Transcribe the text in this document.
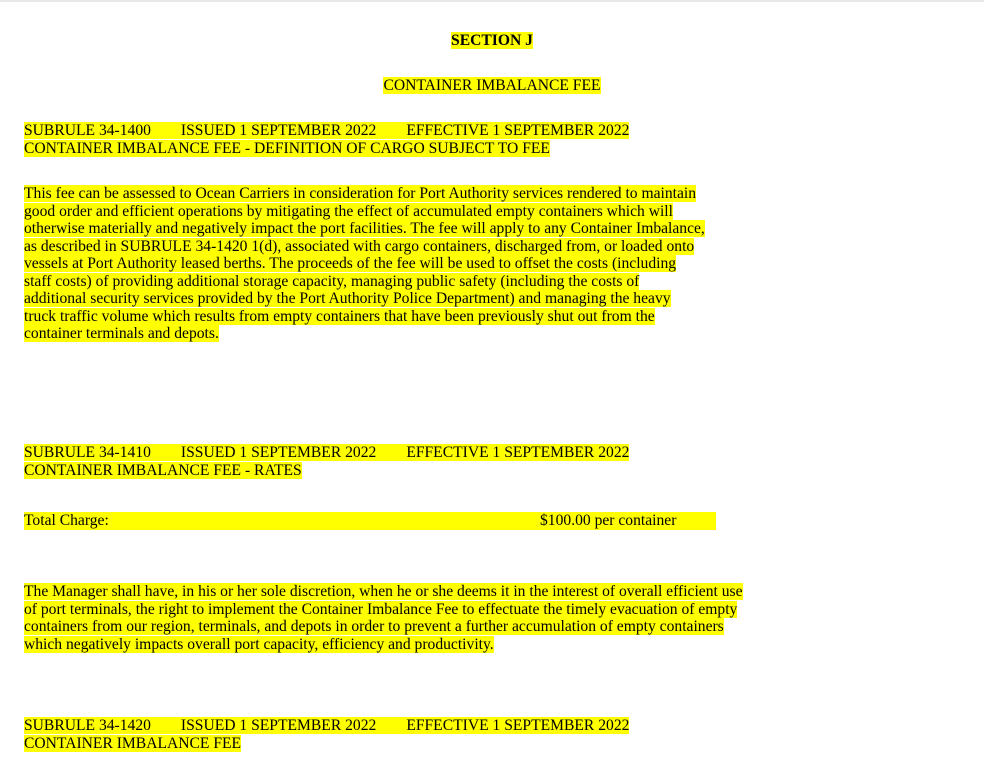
SECTION J
CONTAINER IMBALANCE FEE
SUBRULE 34-1400 ISSUED 1 SEPTEMBER 2022 EFFECTIVE 1 SEPTEMBER 2022
CONTAINER IMBALANCE FEE - DEFINITION OF CARGO SUBJECT TO FEE
This fee can be assessed to Ocean Carriers in consideration for Port Authority services rendered to maintain
good order and efficient operations by mitigating the effect of accumulated empty containers which will
otherwise materially and negatively impact the port facilities. The fee will apply to any Container Imbalance,
as described in SUBRULE 34-1420 1(d), associated with cargo containers, discharged from, or loaded onto
vessels at Port Authority leased berths. The proceeds of the fee will be used to offset the costs (including
staff costs) of providing additional storage capacity, managing public safety (including the costs of
additional security services provided by the Port Authority Police Department) and managing the heavy
truck traffic volume which results from empty containers that have been previously shut out from the
container terminals and depots.
SUBRULE 34-1410 ISSUED 1 SEPTEMBER 2022 EFFECTIVE 1 SEPTEMBER 2022
CONTAINER IMBALANCE FEE - RATES
Total Charge:	$100.00 per container
The Manager shall have, in his or her sole discretion, when he or she deems it in the interest of overall efficient use
of port terminals, the right to implement the Container Imbalance Fee to effectuate the timely evacuation of empty
containers from our region, terminals, and depots in order to prevent a further accumulation of empty containers
which negatively impacts overall port capacity, efficiency and productivity.
SUBRULE 34-1420 ISSUED 1 SEPTEMBER 2022 EFFECTIVE 1 SEPTEMBER 2022
CONTAINER IMBALANCE FEE
